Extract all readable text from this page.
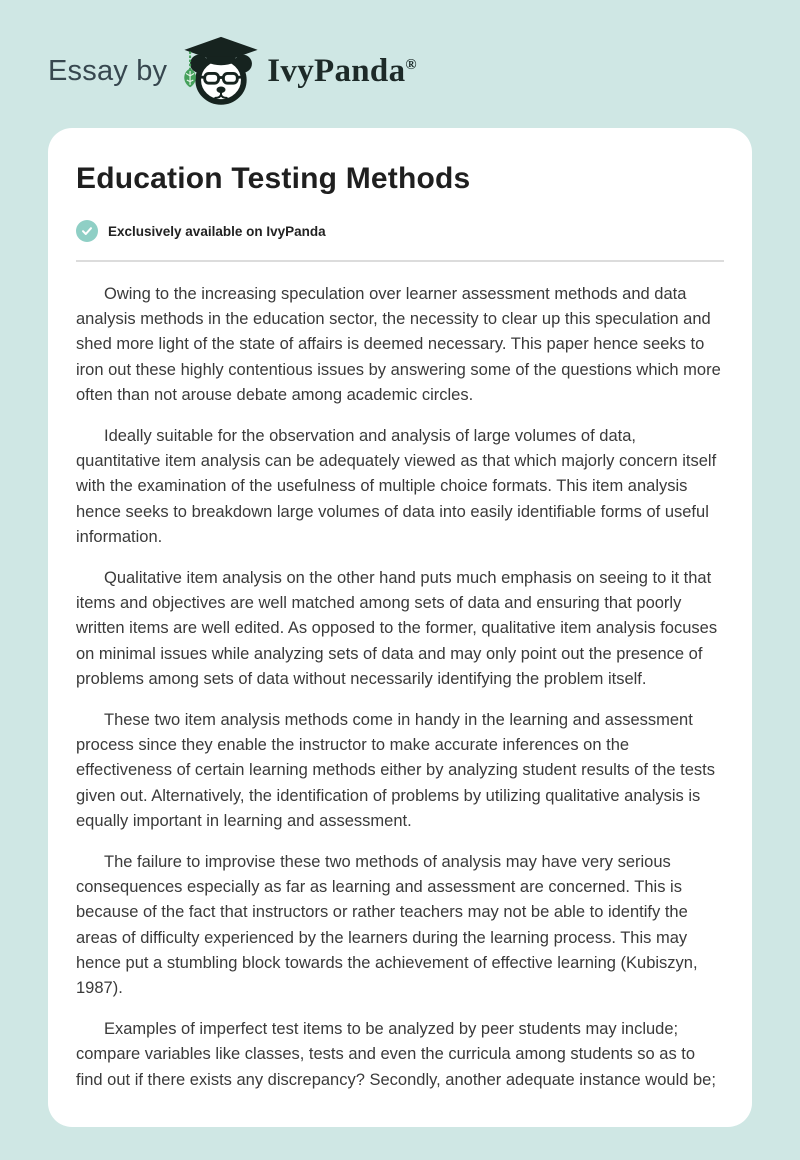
Essay by	IvyPanda®
Education Testing Methods
Exclusively available on IvyPanda

Owing to the increasing speculation over learner assessment methods and data analysis methods in the education sector, the necessity to clear up this speculation and shed more light of the state of affairs is deemed necessary. This paper hence seeks to iron out these highly contentious issues by answering some of the questions which more often than not arouse debate among academic circles.

Ideally suitable for the observation and analysis of large volumes of data, quantitative item analysis can be adequately viewed as that which majorly concern itself with the examination of the usefulness of multiple choice formats. This item analysis hence seeks to breakdown large volumes of data into easily identifiable forms of useful information.

Qualitative item analysis on the other hand puts much emphasis on seeing to it that items and objectives are well matched among sets of data and ensuring that poorly written items are well edited. As opposed to the former, qualitative item analysis focuses on minimal issues while analyzing sets of data and may only point out the presence of problems among sets of data without necessarily identifying the problem itself.

These two item analysis methods come in handy in the learning and assessment process since they enable the instructor to make accurate inferences on the effectiveness of certain learning methods either by analyzing student results of the tests given out. Alternatively, the identification of problems by utilizing qualitative analysis is equally important in learning and assessment.

The failure to improvise these two methods of analysis may have very serious consequences especially as far as learning and assessment are concerned. This is because of the fact that instructors or rather teachers may not be able to identify the areas of difficulty experienced by the learners during the learning process. This may hence put a stumbling block towards the achievement of effective learning (Kubiszyn, 1987).

Examples of imperfect test items to be analyzed by peer students may include; compare variables like classes, tests and even the curricula among students so as to find out if there exists any discrepancy? Secondly, another adequate instance would be;
